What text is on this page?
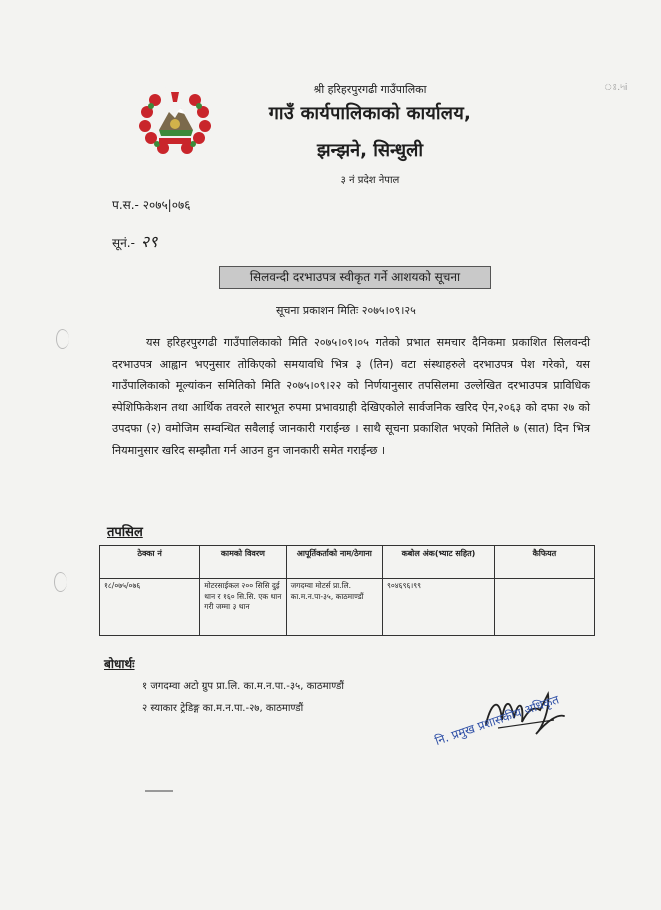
श्री हरिहरपुरगढी गाउँपालिका
गाउँ कार्यपालिकाको कार्यालय,
झन्झने, सिन्धुली
३ नं प्रदेश नेपाल
प.स.- २०७५|०७६
सूनं.- २९
सिलवन्दी दरभाउपत्र स्वीकृत गर्ने आशयको सूचना
सूचना प्रकाशन मितिः २०७५।०९।२५
यस हरिहरपुरगढी गाउँपालिकाको मिति २०७५।०९।०५ गतेको प्रभात समचार दैनिकमा प्रकाशित सिलवन्दी दरभाउपत्र आह्वान भएनुसार तोकिएको समयावधि भित्र ३ (तिन) वटा संस्थाहरुले दरभाउपत्र पेश गरेको, यस गाउँपालिकाको मूल्यांकन समितिको मिति २०७५।०९।२२ को निर्णयानुसार तपसिलमा उल्लेखित दरभाउपत्र प्राविधिक स्पेशिफिकेशन तथा आर्थिक तवरले सारभूत रुपमा प्रभावग्राही देखिएकोले सार्वजनिक खरिद ऐन,२०६३ को दफा २७ को उपदफा (२) वमोजिम सम्वन्धित सवैलाई जानकारी गराईन्छ । साथै सूचना प्रकाशित भएको मितिले ७ (सात) दिन भित्र नियमानुसार खरिद सम्झौता गर्न आउन हुन जानकारी समेत गराईन्छ ।
तपसिल
ठेक्का नं	कामको विवरण	आपूर्तिकर्ताको नाम/ठेगाना	कबोल अंक(भ्याट सहित)	कैफियत
१८/०७५/०७६	मोटरसाईकल २०० सिसि दुई थान र १६० सि.सि. एक थान गरी जम्मा ३ थान	जगदम्वा मोटर्स प्रा.लि. का.म.न.पा-३५, काठमाण्डौं	९०४६९६।९९	
बोधार्थः
१ जगदम्वा अटो ग्रुप प्रा.लि. का.म.न.पा.-३५, काठमाण्डौं
२ स्याकार ट्रेडिङ्ग का.म.न.पा.-२७, काठमाण्डौं	नि. प्रमुख प्रशासकीय अधिकृत
ঃ.৸i
